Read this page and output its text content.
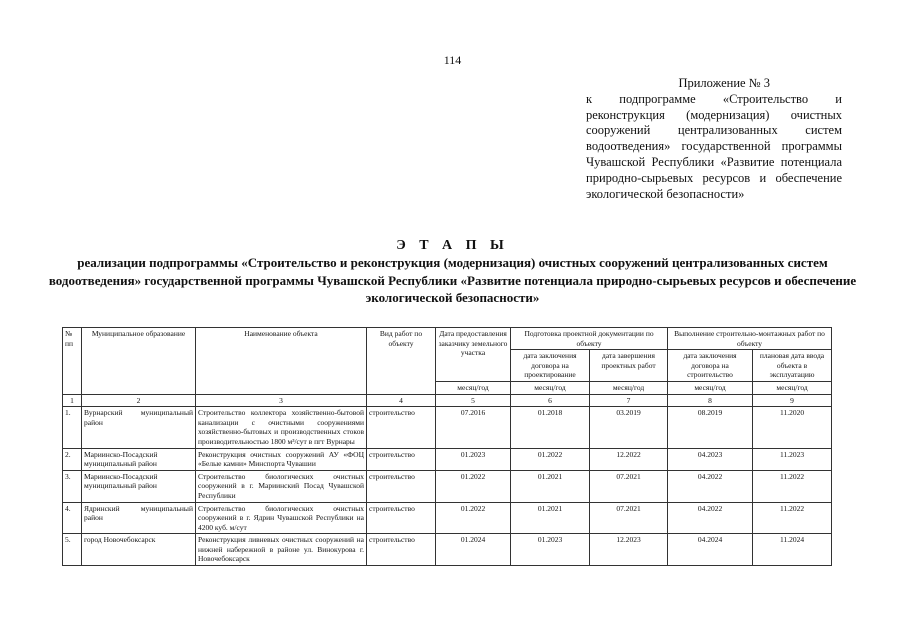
114
Приложение № 3
к подпрограмме «Строительство и реконструкция (модернизация) очистных сооружений централизованных систем водоотведения» государственной программы Чувашской Республики «Развитие потенциала природно-сырьевых ресурсов и обеспечение экологической безопасности»
Э Т А П Ы
реализации подпрограммы «Строительство и реконструкция (модернизация) очистных сооружений централизованных систем водоотведения» государственной программы Чувашской Республики «Развитие потенциала природно-сырьевых ресурсов и обеспечение экологической безопасности»
№ пп	Муниципальное образование	Наименование объекта	Вид работ по объекту	Дата предоставления заказчику земельного участка	Подготовка проектной документации по объекту		Выполнение строительно-монтажных работ по объекту	
					дата заключения договора на проектирование	дата завершения проектных работ	дата заключения договора на строительство	плановая дата ввода объекта в эксплуатацию
				месяц/год	месяц/год	месяц/год	месяц/год	месяц/год
1	2	3	4	5	6	7	8	9
1.	Вурнарский муниципальный район	Строительство коллектора хозяйственно-бытовой канализации с очистными сооружениями хозяйственно-бытовых и производственных стоков производительностью 1800 м³/сут в пгт Вурнары	строительство	07.2016	01.2018	03.2019	08.2019	11.2020
2.	Мариинско-Посадский муниципальный район	Реконструкция очистных сооружений АУ «ФОЦ «Белые камни» Минспорта Чувашии	строительство	01.2023	01.2022	12.2022	04.2023	11.2023
3.	Мариинско-Посадский муниципальный район	Строительство биологических очистных сооружений в г. Мариинский Посад Чувашской Республики	строительство	01.2022	01.2021	07.2021	04.2022	11.2022
4.	Ядринский муниципальный район	Строительство биологических очистных сооружений в г. Ядрин Чувашской Республики на 4200 куб. м/сут	строительство	01.2022	01.2021	07.2021	04.2022	11.2022
5.	город Новочебоксарск	Реконструкция ливневых очистных сооружений на нижней набережной в районе ул. Винокурова г. Новочебоксарск	строительство	01.2024	01.2023	12.2023	04.2024	11.2024
